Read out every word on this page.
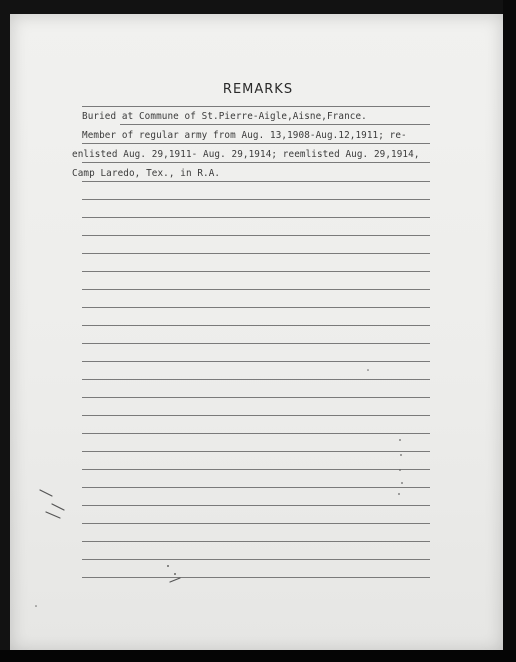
REMARKS
Buried at Commune of St.Pierre-Aigle,Aisne,France.
Member of regular army from Aug. 13,1908-Aug.12,1911; re-
enlisted Aug. 29,1911- Aug. 29,1914; reemlisted Aug. 29,1914,
Camp Laredo, Tex., in R.A.
